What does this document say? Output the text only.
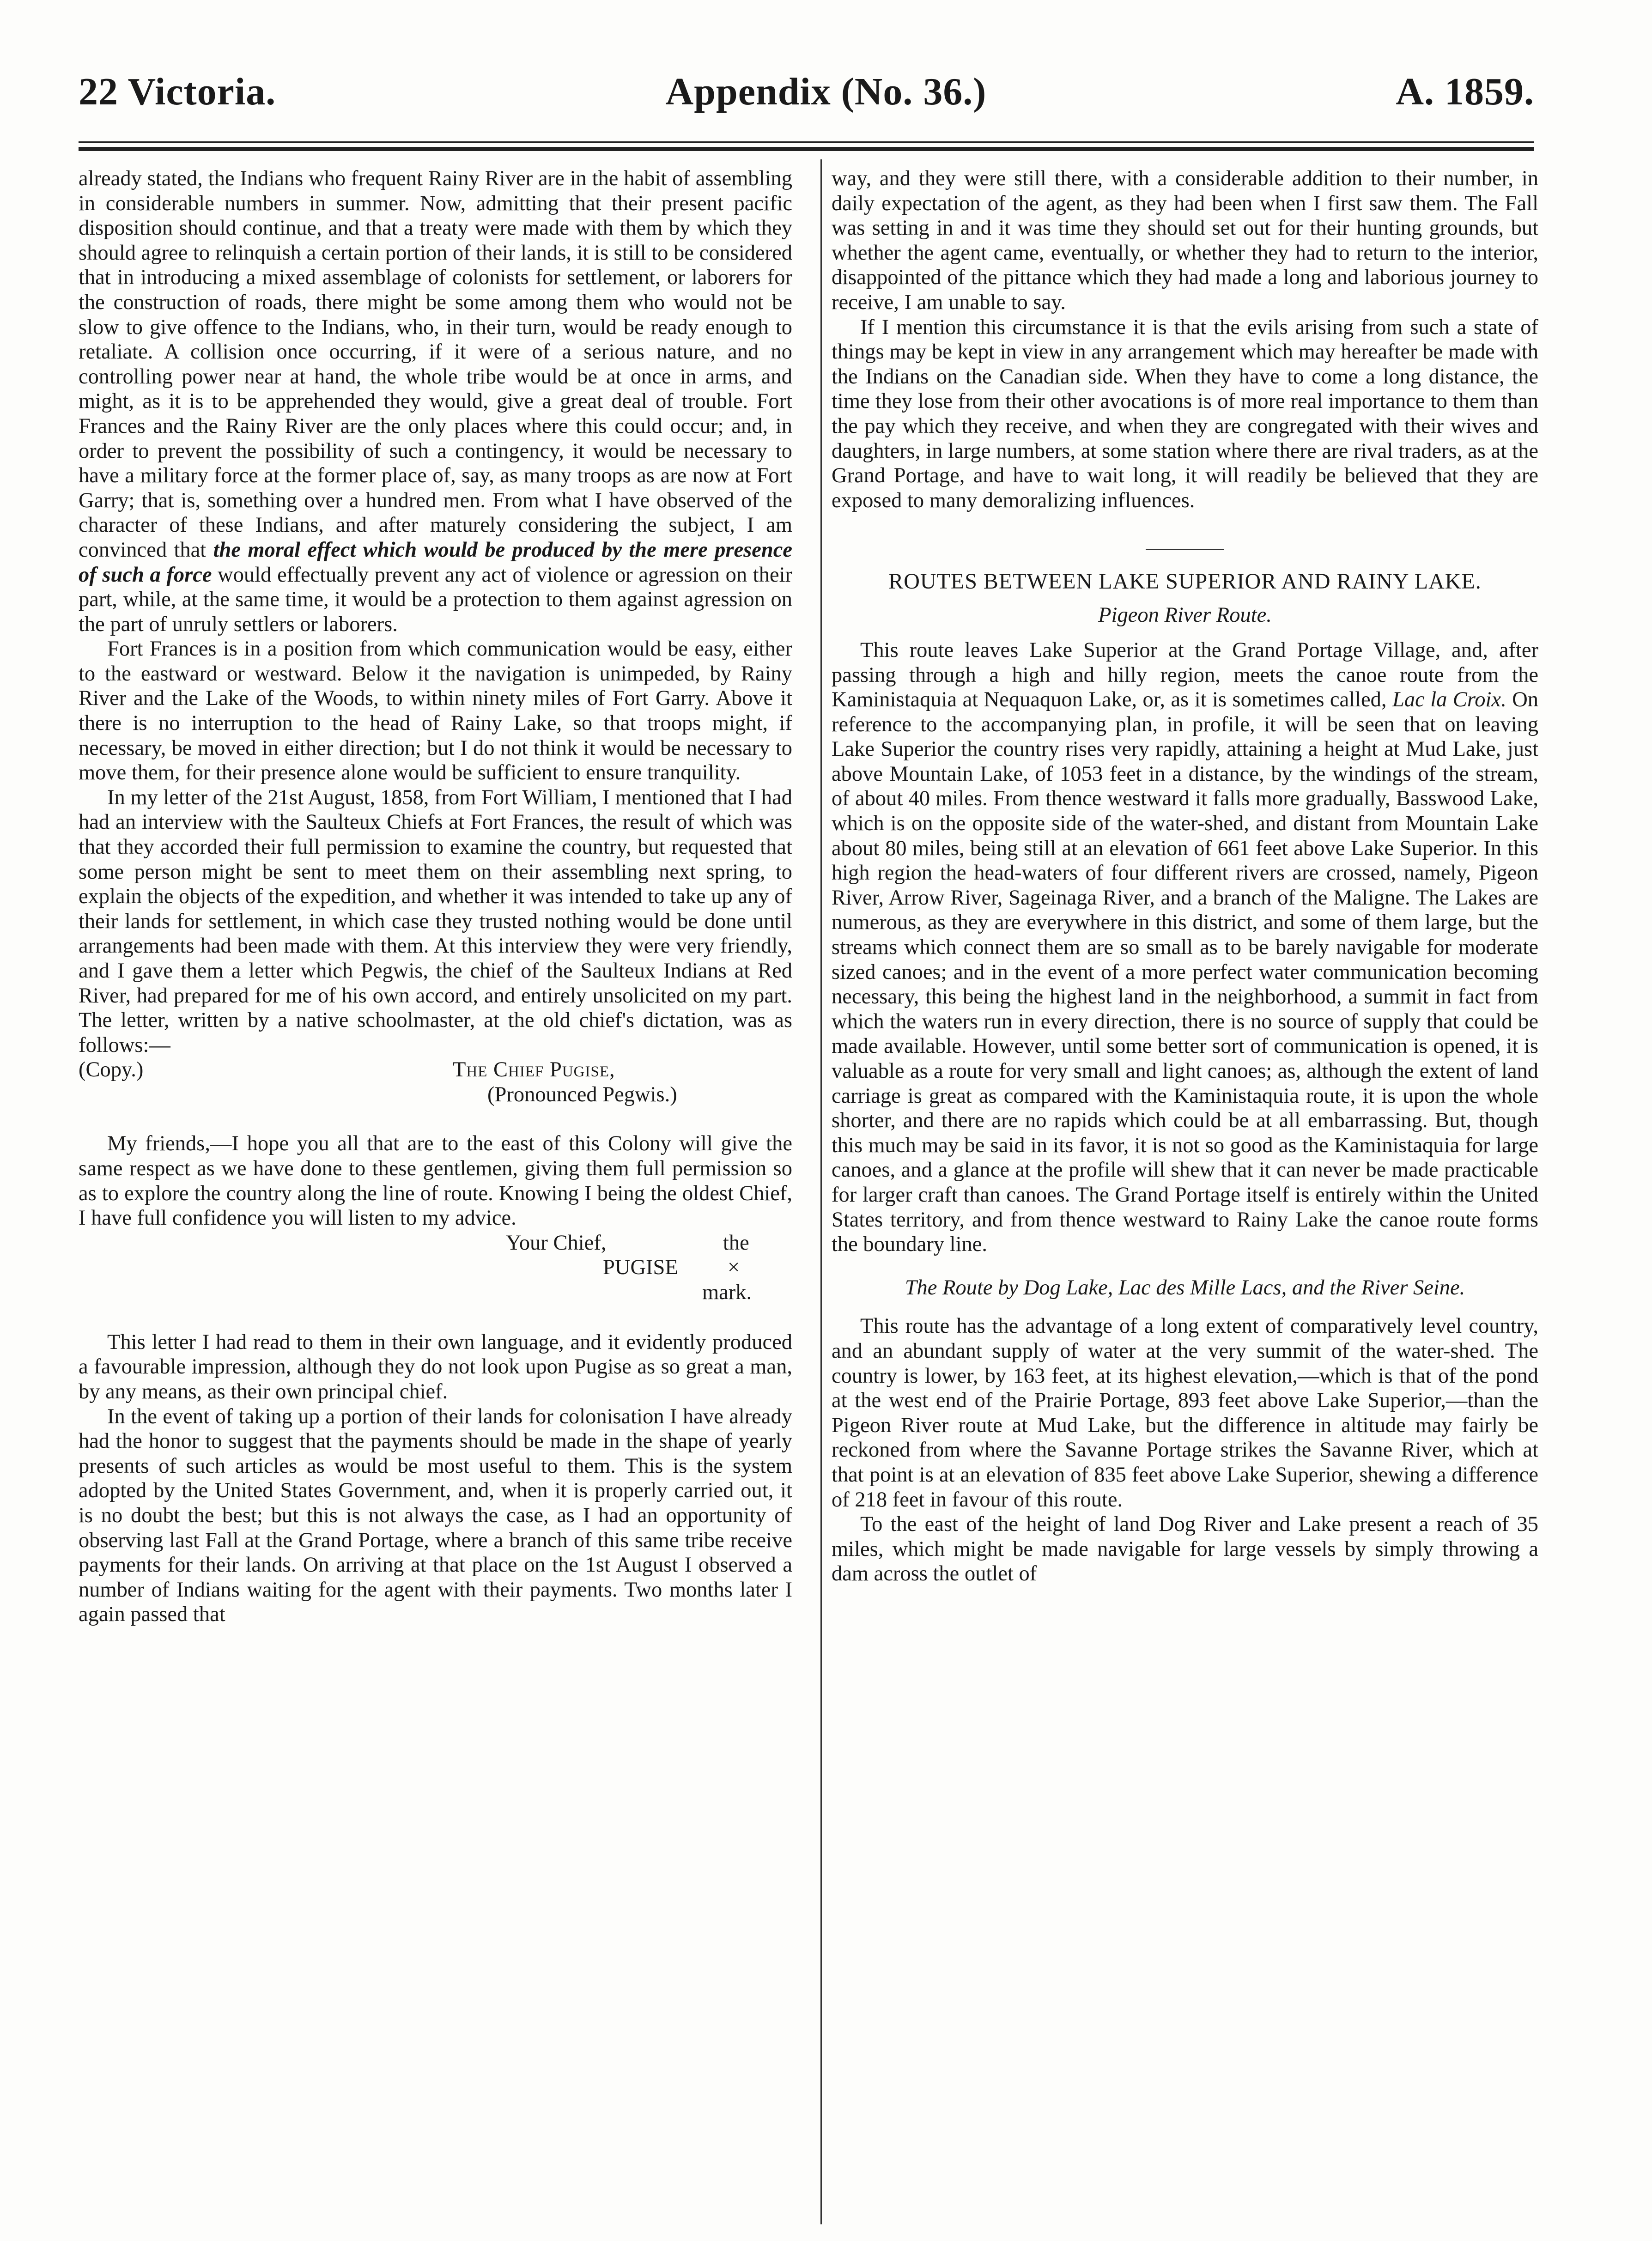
22 Victoria.	Appendix (No. 36.)	A. 1859.

already stated, the Indians who frequent Rainy River are in the habit of assembling in considerable numbers in summer. Now, admitting that their present pacific disposition should continue, and that a treaty were made with them by which they should agree to relinquish a certain portion of their lands, it is still to be considered that in introducing a mixed assemblage of colonists for settlement, or laborers for the construction of roads, there might be some among them who would not be slow to give offence to the Indians, who, in their turn, would be ready enough to retaliate. A collision once occurring, if it were of a serious nature, and no controlling power near at hand, the whole tribe would be at once in arms, and might, as it is to be apprehended they would, give a great deal of trouble. Fort Frances and the Rainy River are the only places where this could occur; and, in order to prevent the possibility of such a contingency, it would be necessary to have a military force at the former place of, say, as many troops as are now at Fort Garry; that is, something over a hundred men. From what I have observed of the character of these Indians, and after maturely considering the subject, I am convinced that the moral effect which would be produced by the mere presence of such a force would effectually prevent any act of violence or agression on their part, while, at the same time, it would be a protection to them against agression on the part of unruly settlers or laborers.

Fort Frances is in a position from which communication would be easy, either to the eastward or westward. Below it the navigation is unimpeded, by Rainy River and the Lake of the Woods, to within ninety miles of Fort Garry. Above it there is no interruption to the head of Rainy Lake, so that troops might, if necessary, be moved in either direction; but I do not think it would be necessary to move them, for their presence alone would be sufficient to ensure tranquility.

In my letter of the 21st August, 1858, from Fort William, I mentioned that I had had an interview with the Saulteux Chiefs at Fort Frances, the result of which was that they accorded their full permission to examine the country, but requested that some person might be sent to meet them on their assembling next spring, to explain the objects of the expedition, and whether it was intended to take up any of their lands for settlement, in which case they trusted nothing would be done until arrangements had been made with them. At this interview they were very friendly, and I gave them a letter which Pegwis, the chief of the Saulteux Indians at Red River, had prepared for me of his own accord, and entirely unsolicited on my part. The letter, written by a native schoolmaster, at the old chief's dictation, was as follows:—

(Copy.)	The Chief Pugise,
(Pronounced Pegwis.)

My friends,—I hope you all that are to the east of this Colony will give the same respect as we have done to these gentlemen, giving them full permission so as to explore the country along the line of route. Knowing I being the oldest Chief, I have full confidence you will listen to my advice.

Your Chief,	the
PUGISE ×
mark.

This letter I had read to them in their own language, and it evidently produced a favourable impression, although they do not look upon Pugise as so great a man, by any means, as their own principal chief.

In the event of taking up a portion of their lands for colonisation I have already had the honor to suggest that the payments should be made in the shape of yearly presents of such articles as would be most useful to them. This is the system adopted by the United States Government, and, when it is properly carried out, it is no doubt the best; but this is not always the case, as I had an opportunity of observing last Fall at the Grand Portage, where a branch of this same tribe receive payments for their lands. On arriving at that place on the 1st August I observed a number of Indians waiting for the agent with their payments. Two months later I again passed that

way, and they were still there, with a considerable addition to their number, in daily expectation of the agent, as they had been when I first saw them. The Fall was setting in and it was time they should set out for their hunting grounds, but whether the agent came, eventually, or whether they had to return to the interior, disappointed of the pittance which they had made a long and laborious journey to receive, I am unable to say.

If I mention this circumstance it is that the evils arising from such a state of things may be kept in view in any arrangement which may hereafter be made with the Indians on the Canadian side. When they have to come a long distance, the time they lose from their other avocations is of more real importance to them than the pay which they receive, and when they are congregated with their wives and daughters, in large numbers, at some station where there are rival traders, as at the Grand Portage, and have to wait long, it will readily be believed that they are exposed to many demoralizing influences.

ROUTES BETWEEN LAKE SUPERIOR AND RAINY LAKE.
Pigeon River Route.

This route leaves Lake Superior at the Grand Portage Village, and, after passing through a high and hilly region, meets the canoe route from the Kaministaquia at Nequaquon Lake, or, as it is sometimes called, Lac la Croix. On reference to the accompanying plan, in profile, it will be seen that on leaving Lake Superior the country rises very rapidly, attaining a height at Mud Lake, just above Mountain Lake, of 1053 feet in a distance, by the windings of the stream, of about 40 miles. From thence westward it falls more gradually, Basswood Lake, which is on the opposite side of the water-shed, and distant from Mountain Lake about 80 miles, being still at an elevation of 661 feet above Lake Superior. In this high region the head-waters of four different rivers are crossed, namely, Pigeon River, Arrow River, Sageinaga River, and a branch of the Maligne. The Lakes are numerous, as they are everywhere in this district, and some of them large, but the streams which connect them are so small as to be barely navigable for moderate sized canoes; and in the event of a more perfect water communication becoming necessary, this being the highest land in the neighborhood, a summit in fact from which the waters run in every direction, there is no source of supply that could be made available. However, until some better sort of communication is opened, it is valuable as a route for very small and light canoes; as, although the extent of land carriage is great as compared with the Kaministaquia route, it is upon the whole shorter, and there are no rapids which could be at all embarrassing. But, though this much may be said in its favor, it is not so good as the Kaministaquia for large canoes, and a glance at the profile will shew that it can never be made practicable for larger craft than canoes. The Grand Portage itself is entirely within the United States territory, and from thence westward to Rainy Lake the canoe route forms the boundary line.

The Route by Dog Lake, Lac des Mille Lacs, and the River Seine.

This route has the advantage of a long extent of comparatively level country, and an abundant supply of water at the very summit of the water-shed. The country is lower, by 163 feet, at its highest elevation,—which is that of the pond at the west end of the Prairie Portage, 893 feet above Lake Superior,—than the Pigeon River route at Mud Lake, but the difference in altitude may fairly be reckoned from where the Savanne Portage strikes the Savanne River, which at that point is at an elevation of 835 feet above Lake Superior, shewing a difference of 218 feet in favour of this route.

To the east of the height of land Dog River and Lake present a reach of 35 miles, which might be made navigable for large vessels by simply throwing a dam across the outlet of
